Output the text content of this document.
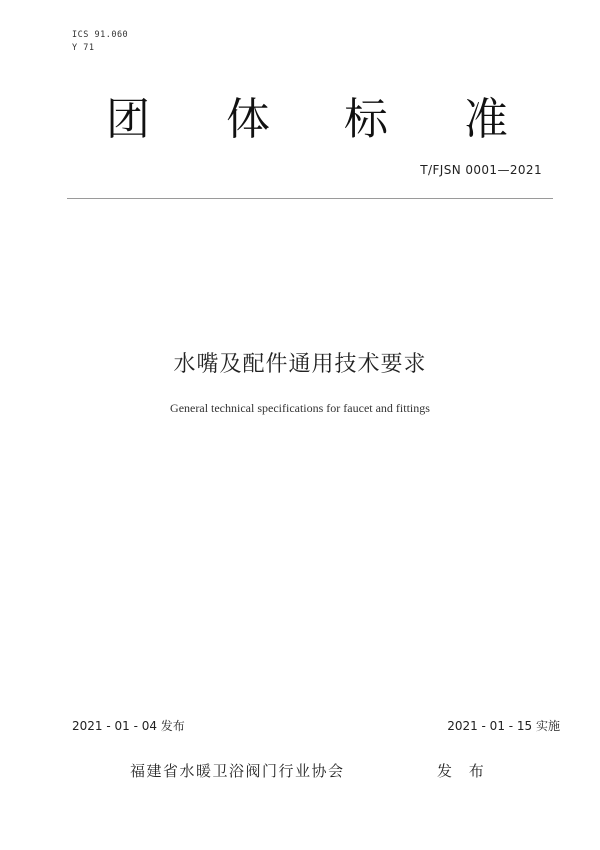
ICS 91.060
Y 71
团 体 标 准
T/FJSN 0001—2021
水嘴及配件通用技术要求
General technical specifications for faucet and fittings
2021 - 01 - 04 发布	2021 - 01 - 15 实施
福建省水暖卫浴阀门行业协会	发 布
